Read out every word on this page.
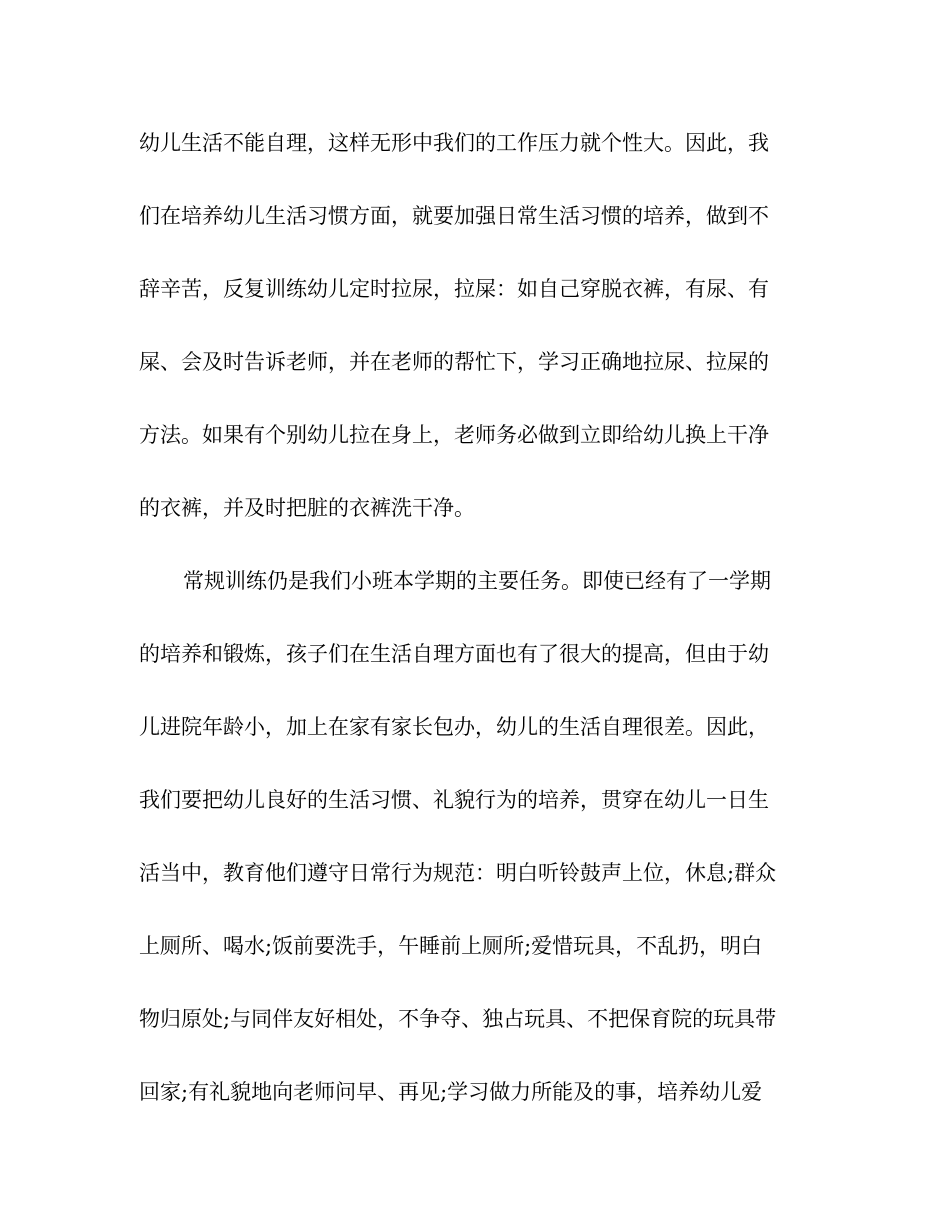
幼儿生活不能自理，这样无形中我们的工作压力就个性大。因此，我
们在培养幼儿生活习惯方面，就要加强日常生活习惯的培养，做到不
辞辛苦，反复训练幼儿定时拉尿，拉屎：如自己穿脱衣裤，有尿、有
屎、会及时告诉老师，并在老师的帮忙下，学习正确地拉尿、拉屎的
方法。如果有个别幼儿拉在身上，老师务必做到立即给幼儿换上干净
的衣裤，并及时把脏的衣裤洗干净。
常规训练仍是我们小班本学期的主要任务。即使已经有了一学期
的培养和锻炼，孩子们在生活自理方面也有了很大的提高，但由于幼
儿进院年龄小，加上在家有家长包办，幼儿的生活自理很差。因此，
我们要把幼儿良好的生活习惯、礼貌行为的培养，贯穿在幼儿一日生
活当中，教育他们遵守日常行为规范：明白听铃鼓声上位，休息;群众
上厕所、喝水;饭前要洗手，午睡前上厕所;爱惜玩具，不乱扔，明白
物归原处;与同伴友好相处，不争夺、独占玩具、不把保育院的玩具带
回家;有礼貌地向老师问早、再见;学习做力所能及的事，培养幼儿爱
